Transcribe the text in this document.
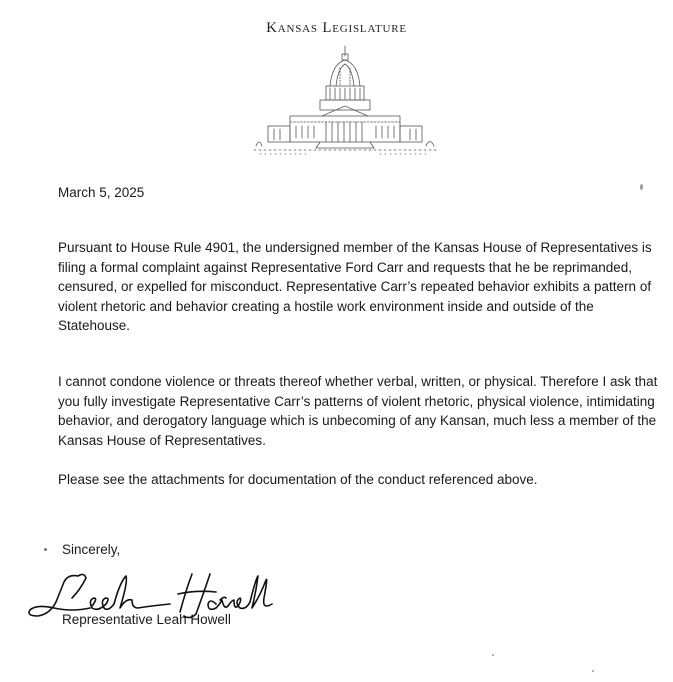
Kansas Legislature
March 5, 2025

Pursuant to House Rule 4901, the undersigned member of the Kansas House of Representatives is filing a formal complaint against Representative Ford Carr and requests that he be reprimanded, censured, or expelled for misconduct. Representative Carr’s repeated behavior exhibits a pattern of violent rhetoric and behavior creating a hostile work environment inside and outside of the Statehouse.

I cannot condone violence or threats thereof whether verbal, written, or physical. Therefore I ask that you fully investigate Representative Carr’s patterns of violent rhetoric, physical violence, intimidating behavior, and derogatory language which is unbecoming of any Kansan, much less a member of the Kansas House of Representatives.

Please see the attachments for documentation of the conduct referenced above.

Sincerely,
Representative Leah Howell
